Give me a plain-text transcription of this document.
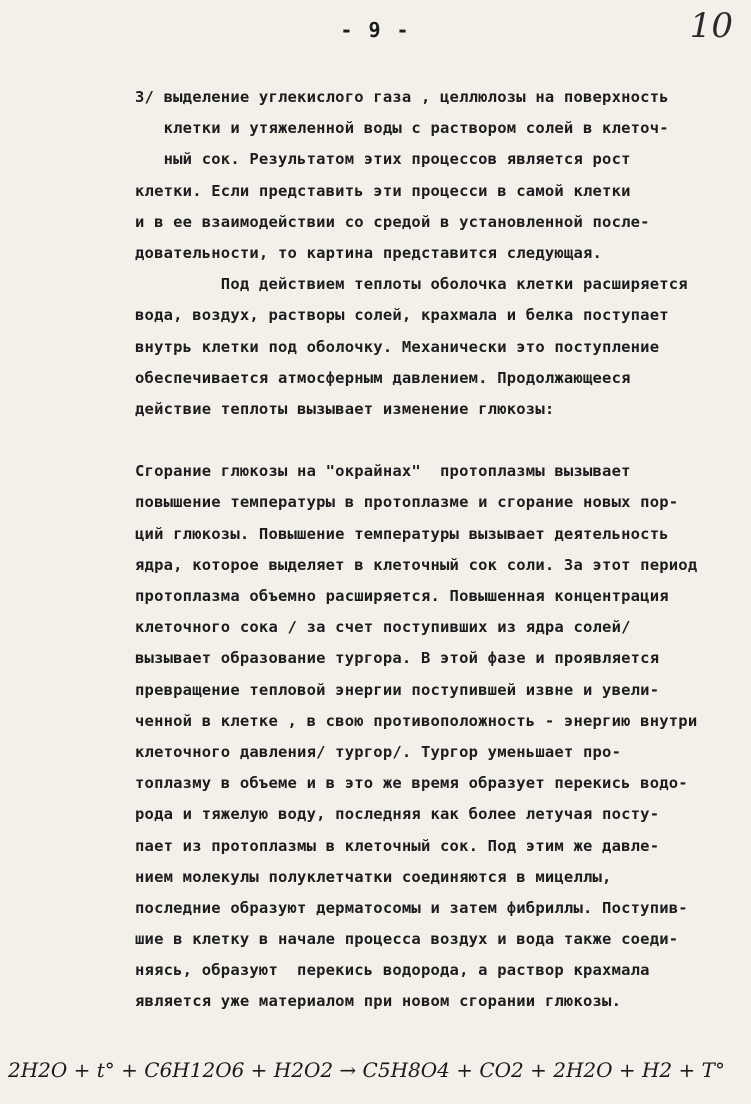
- 9 -	10
3/ выделение углекислого газа , целлюлозы на поверхность
клетки и утяжеленной воды с раствором солей в клеточ-
ный сок. Результатом этих процессов является рост
клетки. Если представить эти процесси в самой клетки
и в ее взаимодействии со средой в установленной после-
довательности, то картина представится следующая.
Под действием теплоты оболочка клетки расширяется
вода, воздух, растворы солей, крахмала и белка поступает
внутрь клетки под оболочку. Механически это поступление
обеспечивается атмосферным давлением. Продолжающееся
действие теплоты вызывает изменение глюкозы:

Сгорание глюкозы на "окрайнах"  протоплазмы вызывает
повышение температуры в протоплазме и сгорание новых пор-
ций глюкозы. Повышение температуры вызывает деятельность
ядра, которое выделяет в клеточный сок соли. За этот период
протоплазма объемно расширяется. Повышенная концентрация
клеточного сока / за счет поступивших из ядра солей/
вызывает образование тургора. В этой фазе и проявляется
превращение тепловой энергии поступившей извне и увели-
ченной в клетке , в свою противоположность - энергию внутри
клеточного давления/ тургор/. Тургор уменьшает про-
топлазму в объеме и в это же время образует перекись водо-
рода и тяжелую воду, последняя как более летучая посту-
пает из протоплазмы в клеточный сок. Под этим же давле-
нием молекулы полуклетчатки соединяются в мицеллы,
последние образуют дерматосомы и затем фибриллы. Поступив-
шие в клетку в начале процесса воздух и вода также соеди-
няясь, образуют  перекись водорода, а раствор крахмала
является уже материалом при новом сгорании глюкозы.
2H2O + t° + C6H12O6 + H2O2 → C5H8O4 + CO2 + 2H2O + H2 + T°
